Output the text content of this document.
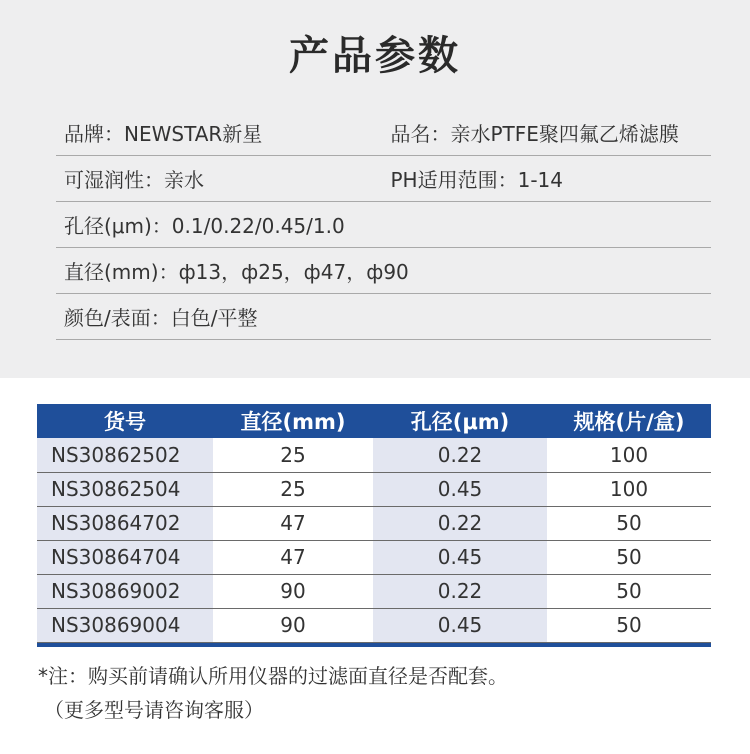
产品参数
品牌：NEWSTAR新星	品名：亲水PTFE聚四氟乙烯滤膜
可湿润性：亲水	PH适用范围：1-14
孔径(μm)：0.1/0.22/0.45/1.0
直径(mm)：ф13，ф25，ф47，ф90
颜色/表面：白色/平整
货号	直径(mm)	孔径(μm)	规格(片/盒)
NS30862502	25	0.22	100
NS30862504	25	0.45	100
NS30864702	47	0.22	50
NS30864704	47	0.45	50
NS30869002	90	0.22	50
NS30869004	90	0.45	50
*注：购买前请确认所用仪器的过滤面直径是否配套。
（更多型号请咨询客服）
